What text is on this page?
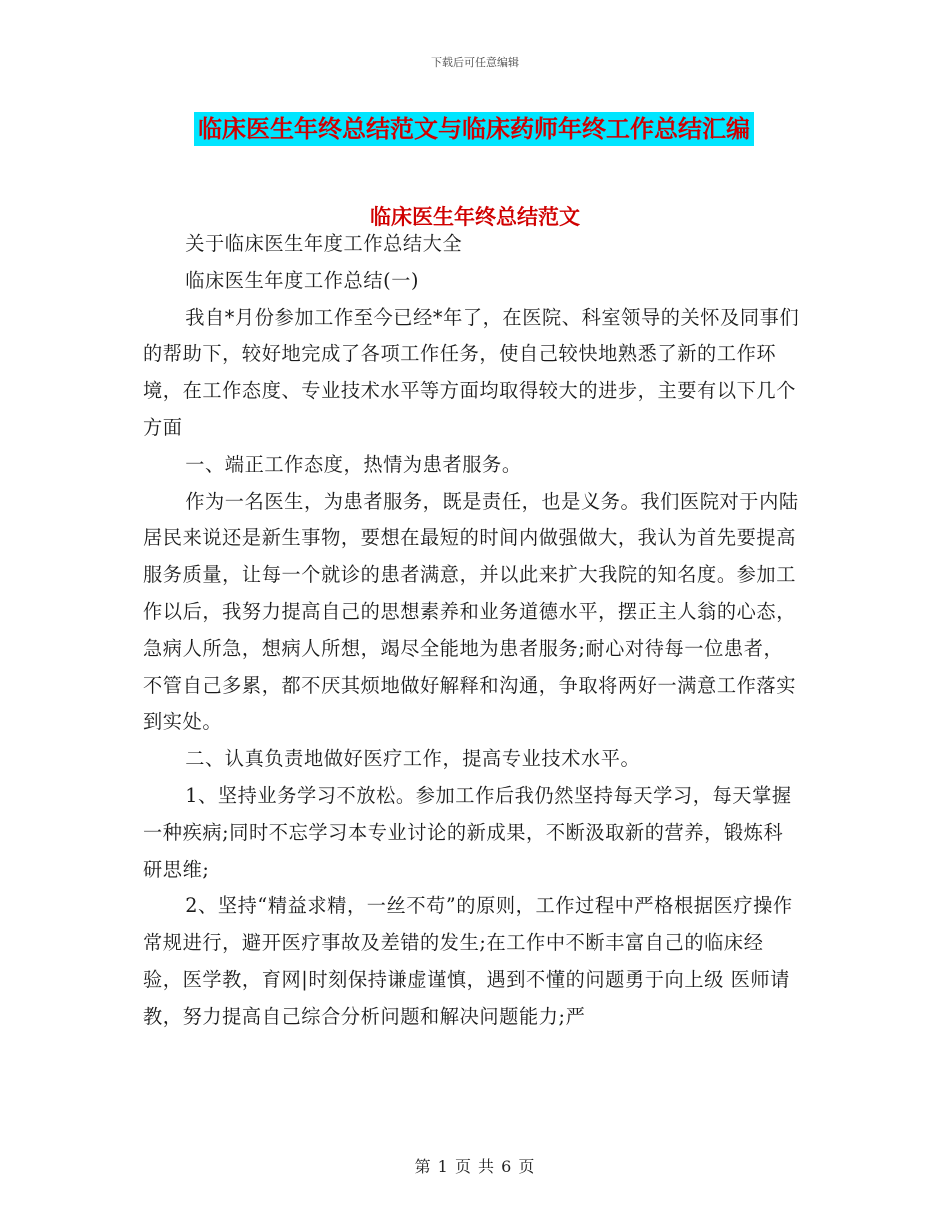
下载后可任意编辑
临床医生年终总结范文与临床药师年终工作总结汇编
临床医生年终总结范文

关于临床医生年度工作总结大全

临床医生年度工作总结(一)

我自*月份参加工作至今已经*年了，在医院、科室领导的关怀及同事们的帮助下，较好地完成了各项工作任务，使自己较快地熟悉了新的工作环境，在工作态度、专业技术水平等方面均取得较大的进步，主要有以下几个方面

一、端正工作态度，热情为患者服务。

作为一名医生，为患者服务，既是责任，也是义务。我们医院对于内陆居民来说还是新生事物，要想在最短的时间内做强做大，我认为首先要提高服务质量，让每一个就诊的患者满意，并以此来扩大我院的知名度。参加工作以后，我努力提高自己的思想素养和业务道德水平，摆正主人翁的心态，急病人所急，想病人所想，竭尽全能地为患者服务;耐心对待每一位患者，不管自己多累，都不厌其烦地做好解释和沟通，争取将两好一满意工作落实到实处。

二、认真负责地做好医疗工作，提高专业技术水平。

1、坚持业务学习不放松。参加工作后我仍然坚持每天学习，每天掌握一种疾病;同时不忘学习本专业讨论的新成果，不断汲取新的营养，锻炼科研思维;

2、坚持“精益求精，一丝不苟”的原则，工作过程中严格根据医疗操作常规进行，避开医疗事故及差错的发生;在工作中不断丰富自己的临床经验，医学教，育网|时刻保持谦虚谨慎，遇到不懂的问题勇于向上级 医师请教，努力提高自己综合分析问题和解决问题能力;严

第 1 页 共 6 页
